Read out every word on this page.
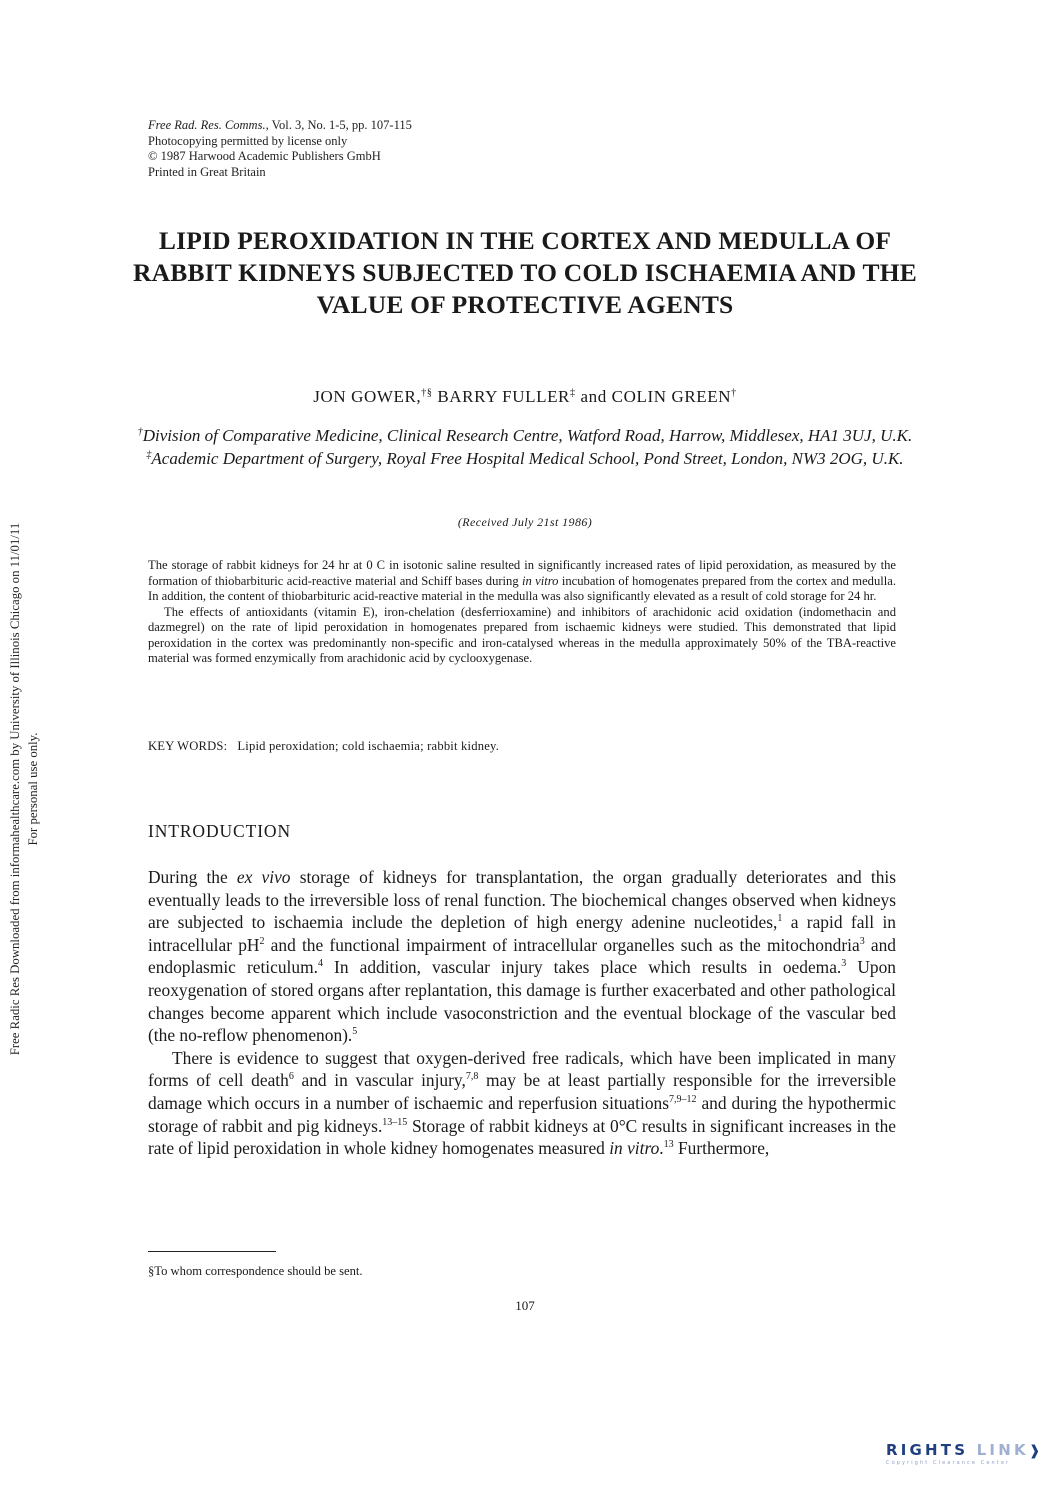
Free Rad. Res. Comms., Vol. 3, No. 1-5, pp. 107-115
Photocopying permitted by license only
© 1987 Harwood Academic Publishers GmbH
Printed in Great Britain
LIPID PEROXIDATION IN THE CORTEX AND MEDULLA OF RABBIT KIDNEYS SUBJECTED TO COLD ISCHAEMIA AND THE VALUE OF PROTECTIVE AGENTS
JON GOWER,†§ BARRY FULLER‡ and COLIN GREEN†
†Division of Comparative Medicine, Clinical Research Centre, Watford Road, Harrow, Middlesex, HA1 3UJ, U.K. ‡Academic Department of Surgery, Royal Free Hospital Medical School, Pond Street, London, NW3 2OG, U.K.
(Received July 21st 1986)

The storage of rabbit kidneys for 24 hr at 0 C in isotonic saline resulted in significantly increased rates of lipid peroxidation, as measured by the formation of thiobarbituric acid-reactive material and Schiff bases during in vitro incubation of homogenates prepared from the cortex and medulla. In addition, the content of thiobarbituric acid-reactive material in the medulla was also significantly elevated as a result of cold storage for 24 hr.

The effects of antioxidants (vitamin E), iron-chelation (desferrioxamine) and inhibitors of arachidonic acid oxidation (indomethacin and dazmegrel) on the rate of lipid peroxidation in homogenates prepared from ischaemic kidneys were studied. This demonstrated that lipid peroxidation in the cortex was predominantly non-specific and iron-catalysed whereas in the medulla approximately 50% of the TBA-reactive material was formed enzymically from arachidonic acid by cyclooxygenase.

KEY WORDS: Lipid peroxidation; cold ischaemia; rabbit kidney.
INTRODUCTION

During the ex vivo storage of kidneys for transplantation, the organ gradually deteriorates and this eventually leads to the irreversible loss of renal function. The biochemical changes observed when kidneys are subjected to ischaemia include the depletion of high energy adenine nucleotides,$^1$ a rapid fall in intracellular $pH^2$ and the functional impairment of intracellular organelles such as the mitochondria$^3$ and endoplasmic reticulum.$^4$ In addition, vascular injury takes place which results in oedema.$^3$ Upon reoxygenation of stored organs after replantation, this damage is further exacerbated and other pathological changes become apparent which include vasoconstriction and the eventual blockage of the vascular bed (the no-reflow phenomenon).$^5$

There is evidence to suggest that oxygen-derived free radicals, which have been implicated in many forms of cell death$^6$ and in vascular injury,$^{7,8}$ may be at least partially responsible for the irreversible damage which occurs in a number of ischaemic and reperfusion situations$^{7,9-12}$ and during the hypothermic storage of rabbit and pig kidneys.$^{13-15}$ Storage of rabbit kidneys at 0°C results in significant increases in the rate of lipid peroxidation in whole kidney homogenates measured in vitro.$^{13}$ Furthermore,

§To whom correspondence should be sent.
107
Free Radic Res Downloaded from informahealthcare.com by University of Illinois Chicago on 11/01/11 For personal use only.
RIGHTS LINK❱
Copyright Clearance Center
